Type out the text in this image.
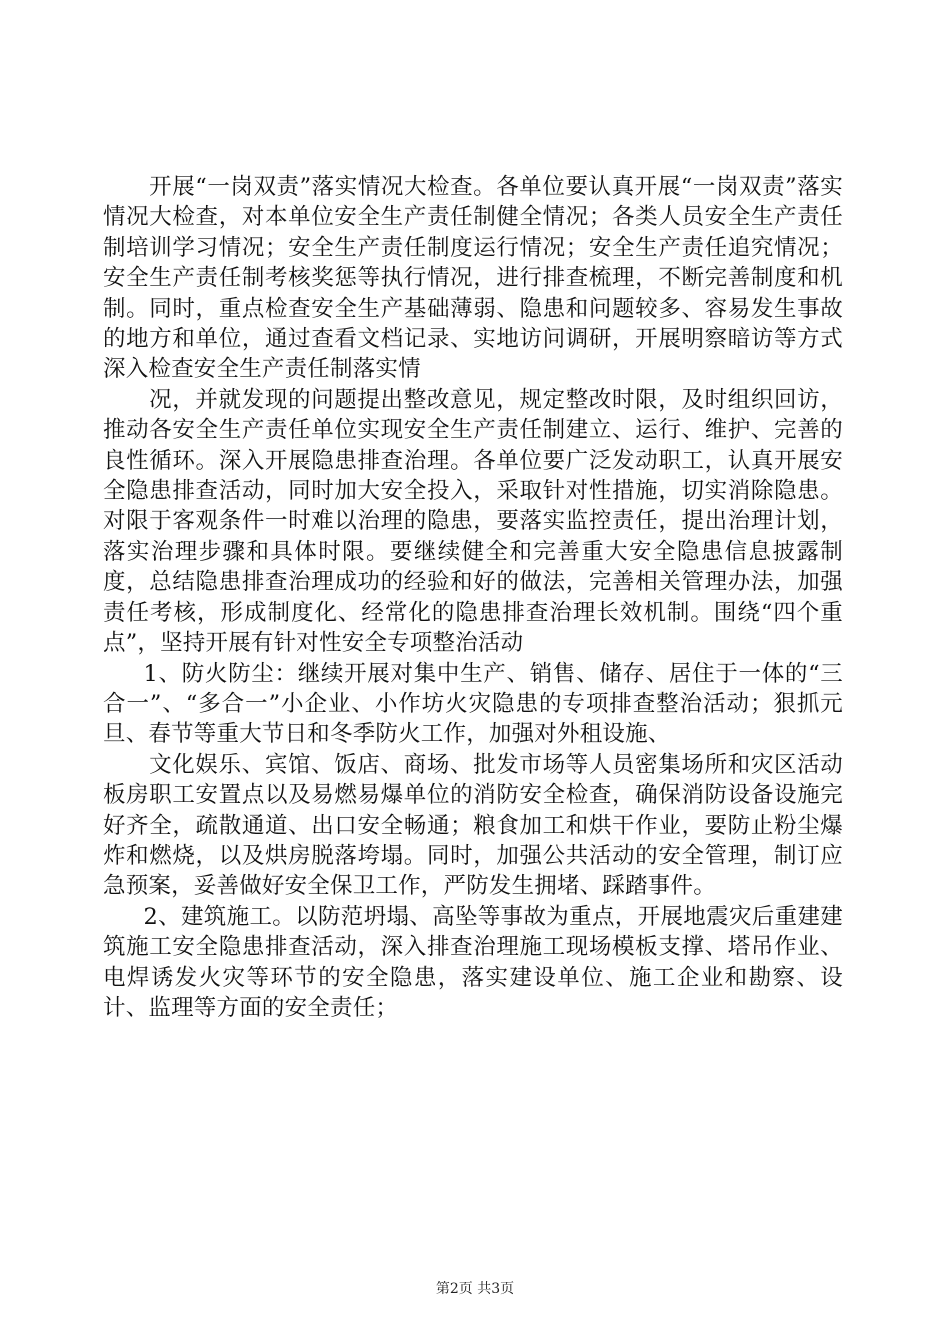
开展“一岗双责”落实情况大检查。各单位要认真开展“一岗双责”落实情况大检查，对本单位安全生产责任制健全情况；各类人员安全生产责任制培训学习情况；安全生产责任制度运行情况；安全生产责任追究情况；安全生产责任制考核奖惩等执行情况，进行排查梳理，不断完善制度和机制。同时，重点检查安全生产基础薄弱、隐患和问题较多、容易发生事故的地方和单位，通过查看文档记录、实地访问调研，开展明察暗访等方式深入检查安全生产责任制落实情

况，并就发现的问题提出整改意见，规定整改时限，及时组织回访，推动各安全生产责任单位实现安全生产责任制建立、运行、维护、完善的良性循环。深入开展隐患排查治理。各单位要广泛发动职工，认真开展安全隐患排查活动，同时加大安全投入，采取针对性措施，切实消除隐患。对限于客观条件一时难以治理的隐患，要落实监控责任，提出治理计划，落实治理步骤和具体时限。要继续健全和完善重大安全隐患信息披露制度，总结隐患排查治理成功的经验和好的做法，完善相关管理办法，加强责任考核，形成制度化、经常化的隐患排查治理长效机制。围绕“四个重点”，坚持开展有针对性安全专项整治活动

1、防火防尘：继续开展对集中生产、销售、储存、居住于一体的“三合一”、“多合一”小企业、小作坊火灾隐患的专项排查整治活动；狠抓元旦、春节等重大节日和冬季防火工作，加强对外租设施、

文化娱乐、宾馆、饭店、商场、批发市场等人员密集场所和灾区活动板房职工安置点以及易燃易爆单位的消防安全检查，确保消防设备设施完好齐全，疏散通道、出口安全畅通；粮食加工和烘干作业，要防止粉尘爆炸和燃烧，以及烘房脱落垮塌。同时，加强公共活动的安全管理，制订应急预案，妥善做好安全保卫工作，严防发生拥堵、踩踏事件。

2、建筑施工。以防范坍塌、高坠等事故为重点，开展地震灾后重建建筑施工安全隐患排查活动，深入排查治理施工现场模板支撑、塔吊作业、电焊诱发火灾等环节的安全隐患，落实建设单位、施工企业和勘察、设计、监理等方面的安全责任；

第2页 共3页
